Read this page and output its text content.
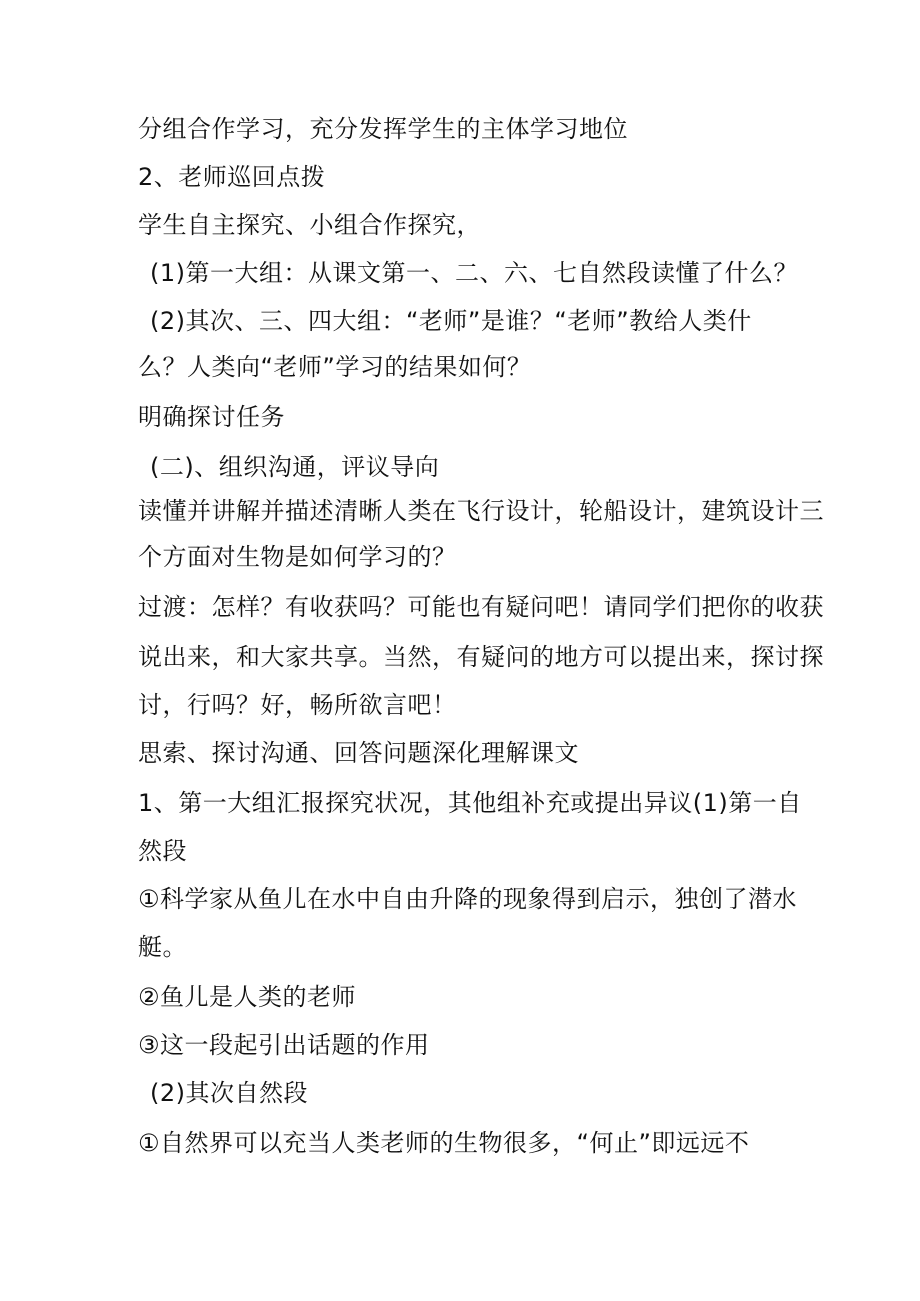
分组合作学习，充分发挥学生的主体学习地位
2、老师巡回点拨
学生自主探究、小组合作探究，
(1)第一大组：从课文第一、二、六、七自然段读懂了什么？
(2)其次、三、四大组：“老师”是谁？“老师”教给人类什
么？人类向“老师”学习的结果如何？
明确探讨任务
(二)、组织沟通，评议导向
读懂并讲解并描述清晰人类在飞行设计，轮船设计，建筑设计三
个方面对生物是如何学习的？
过渡：怎样？有收获吗？可能也有疑问吧！请同学们把你的收获
说出来，和大家共享。当然，有疑问的地方可以提出来，探讨探
讨，行吗？好，畅所欲言吧！
思索、探讨沟通、回答问题深化理解课文
1、第一大组汇报探究状况，其他组补充或提出异议(1)第一自
然段
①科学家从鱼儿在水中自由升降的现象得到启示，独创了潜水
艇。
②鱼儿是人类的老师
③这一段起引出话题的作用
(2)其次自然段
①自然界可以充当人类老师的生物很多，“何止”即远远不
